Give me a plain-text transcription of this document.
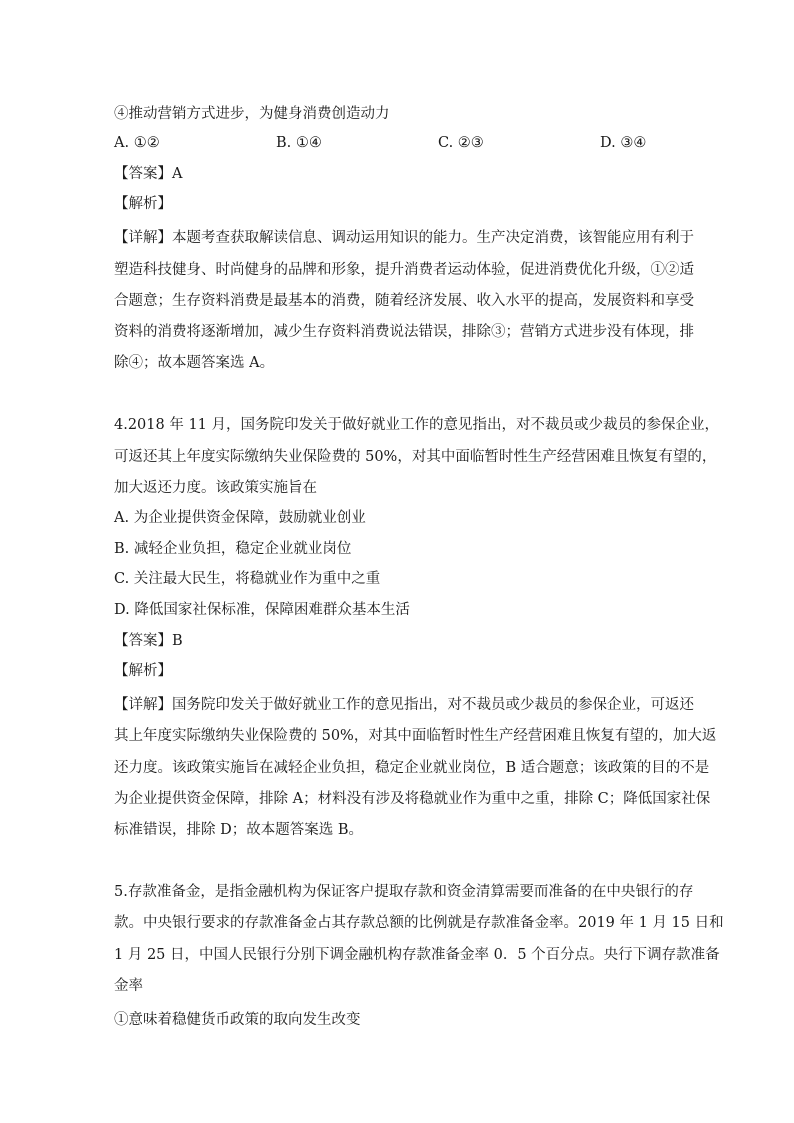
④推动营销方式进步，为健身消费创造动力
A. ①②	B. ①④	C. ②③	D. ③④
【答案】A
【解析】
【详解】本题考查获取解读信息、调动运用知识的能力。生产决定消费，该智能应用有利于
塑造科技健身、时尚健身的品牌和形象，提升消费者运动体验，促进消费优化升级，①②适
合题意；生存资料消费是最基本的消费，随着经济发展、收入水平的提高，发展资料和享受
资料的消费将逐渐增加，减少生存资料消费说法错误，排除③；营销方式进步没有体现，排
除④；故本题答案选 A。
4.2018 年 11 月，国务院印发关于做好就业工作的意见指出，对不裁员或少裁员的参保企业，
可返还其上年度实际缴纳失业保险费的 50%，对其中面临暂时性生产经营困难且恢复有望的，
加大返还力度。该政策实施旨在
A. 为企业提供资金保障，鼓励就业创业
B. 减轻企业负担，稳定企业就业岗位
C. 关注最大民生，将稳就业作为重中之重
D. 降低国家社保标准，保障困难群众基本生活
【答案】B
【解析】
【详解】国务院印发关于做好就业工作的意见指出，对不裁员或少裁员的参保企业，可返还
其上年度实际缴纳失业保险费的 50%，对其中面临暂时性生产经营困难且恢复有望的，加大返
还力度。该政策实施旨在减轻企业负担，稳定企业就业岗位，B 适合题意；该政策的目的不是
为企业提供资金保障，排除 A；材料没有涉及将稳就业作为重中之重，排除 C；降低国家社保
标准错误，排除 D；故本题答案选 B。
5.存款准备金，是指金融机构为保证客户提取存款和资金清算需要而准备的在中央银行的存
款。中央银行要求的存款准备金占其存款总额的比例就是存款准备金率。2019 年 1 月 15 日和
1 月 25 日，中国人民银行分别下调金融机构存款准备金率 0．5 个百分点。央行下调存款准备
金率
①意味着稳健货币政策的取向发生改变
